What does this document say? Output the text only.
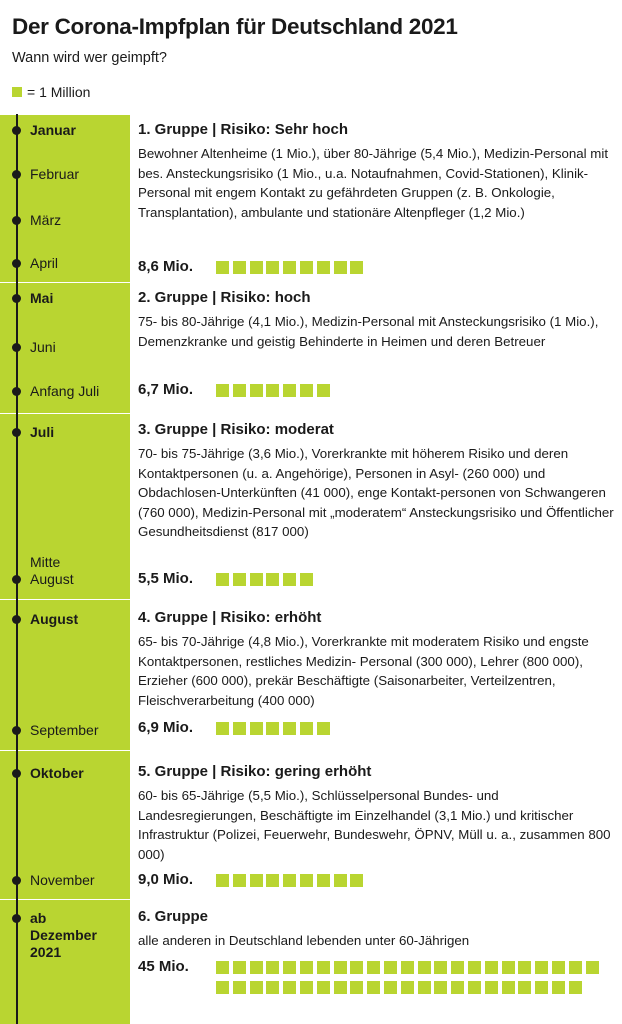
Der Corona-Impfplan für Deutschland 2021
Wann wird wer geimpft?
= 1 Million
Januar
Februar
März
April
Mai
Juni
Anfang Juli
Juli
Mitte
August
August
September
Oktober
November
ab
Dezember
2021
1. Gruppe | Risiko: Sehr hoch
Bewohner Altenheime (1 Mio.), über 80-Jährige (5,4 Mio.), Medizin-Personal mit bes. Ansteckungsrisiko (1 Mio., u.a. Notaufnahmen, Covid-Stationen), Klinik-Personal mit engem Kontakt zu gefährdeten Gruppen (z. B. Onkologie, Transplantation), ambulante und stationäre Altenpfleger (1,2 Mio.)
8,6 Mio.
2. Gruppe | Risiko: hoch
75- bis 80-Jährige (4,1 Mio.), Medizin-Personal mit Ansteckungsrisiko (1 Mio.), Demenzkranke und geistig Behinderte in Heimen und deren Betreuer
6,7 Mio.
3. Gruppe | Risiko: moderat
70- bis 75-Jährige (3,6 Mio.), Vorerkrankte mit höherem Risiko und deren Kontaktpersonen (u. a. Angehörige), Personen in Asyl- (260 000) und Obdachlosen-Unterkünften (41 000), enge Kontakt-personen von Schwangeren (760 000), Medizin-Personal mit „moderatem“ Ansteckungsrisiko und Öffentlicher Gesundheitsdienst (817 000)
5,5 Mio.
4. Gruppe | Risiko: erhöht
65- bis 70-Jährige (4,8 Mio.), Vorerkrankte mit moderatem Risiko und engste Kontaktpersonen, restliches Medizin- Personal (300 000), Lehrer (800 000), Erzieher (600 000), prekär Beschäftigte (Saisonarbeiter, Verteilzentren, Fleischverarbeitung (400 000)
6,9 Mio.
5. Gruppe | Risiko: gering erhöht
60- bis 65-Jährige (5,5 Mio.), Schlüsselpersonal Bundes- und Landesregierungen, Beschäftigte im Einzelhandel (3,1 Mio.) und kritischer Infrastruktur (Polizei, Feuerwehr, Bundeswehr, ÖPNV, Müll u. a., zusammen 800 000)
9,0 Mio.
6. Gruppe
alle anderen in Deutschland lebenden unter 60-Jährigen
45 Mio.
